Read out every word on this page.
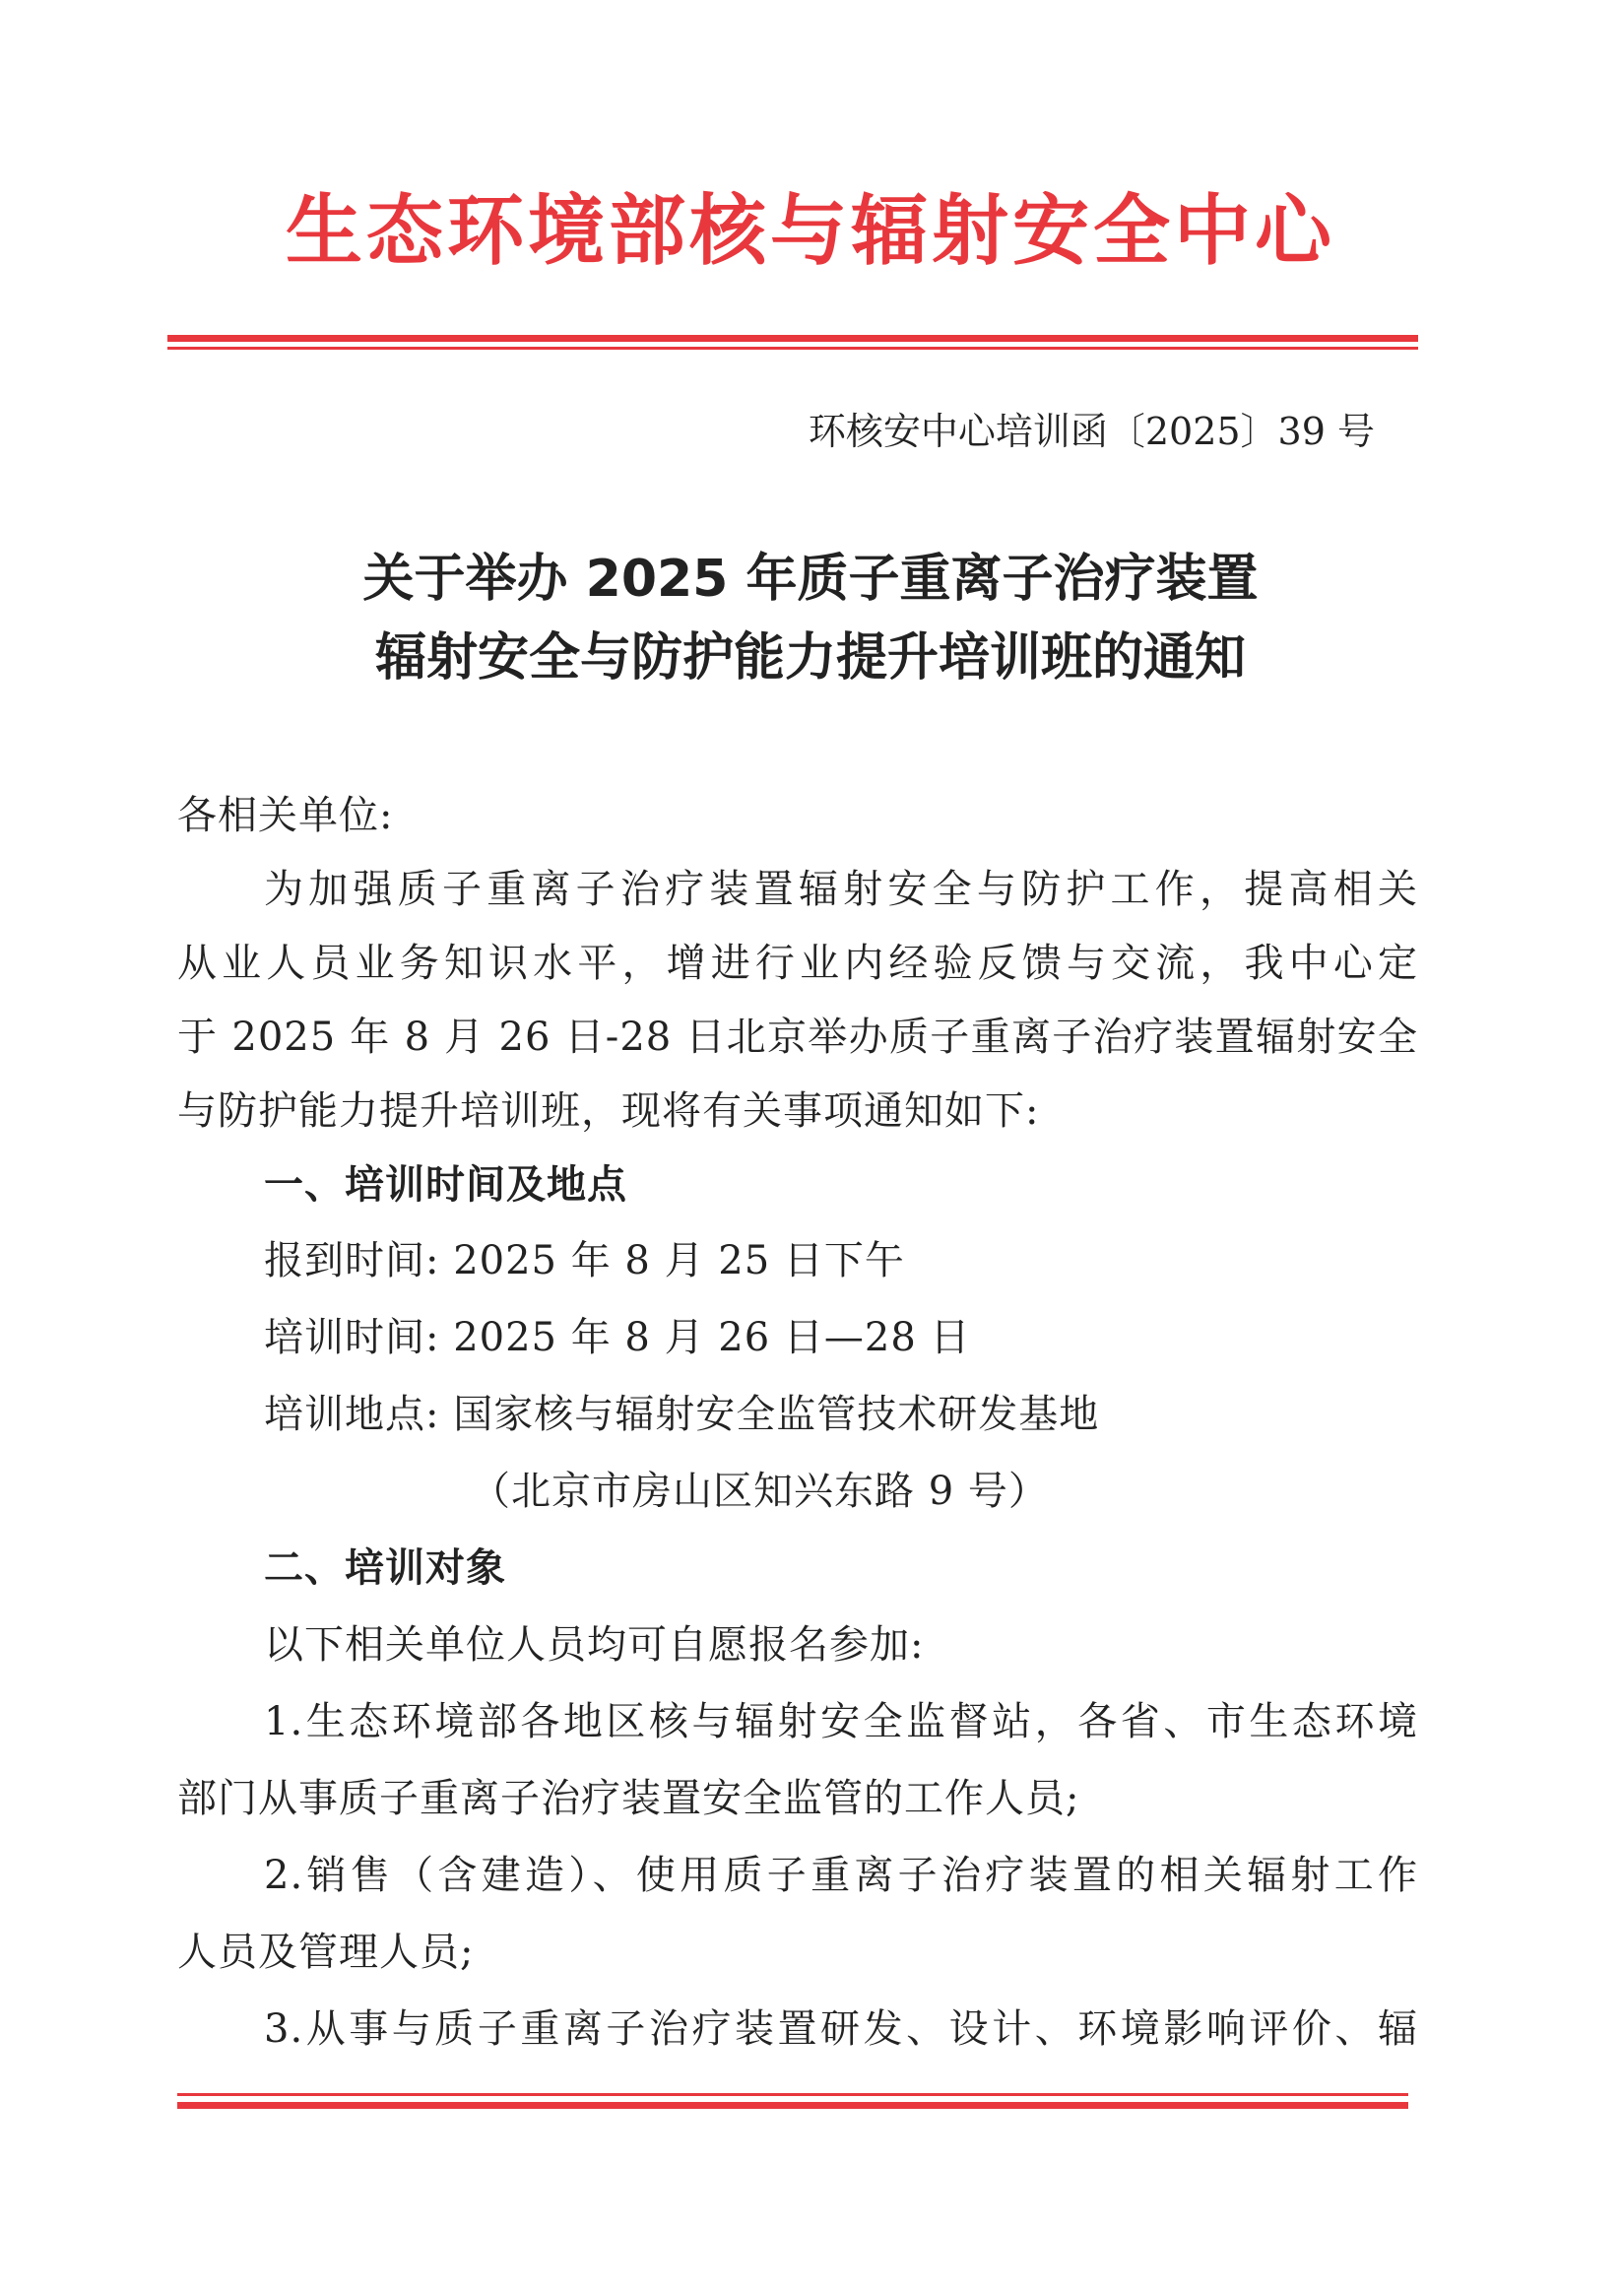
生态环境部核与辐射安全中心
环核安中心培训函〔2025〕39 号
关于举办 2025 年质子重离子治疗装置
辐射安全与防护能力提升培训班的通知
各相关单位:
为加强质子重离子治疗装置辐射安全与防护工作，提高相关
从业人员业务知识水平，增进行业内经验反馈与交流，我中心定
于 2025 年 8 月 26 日-28 日北京举办质子重离子治疗装置辐射安全
与防护能力提升培训班，现将有关事项通知如下:
一、培训时间及地点
报到时间: 2025 年 8 月 25 日下午
培训时间: 2025 年 8 月 26 日—28 日
培训地点: 国家核与辐射安全监管技术研发基地
（北京市房山区知兴东路 9 号）
二、培训对象
以下相关单位人员均可自愿报名参加:
1.生态环境部各地区核与辐射安全监督站，各省、市生态环境
部门从事质子重离子治疗装置安全监管的工作人员;
2.销售（含建造）、使用质子重离子治疗装置的相关辐射工作
人员及管理人员;
3.从事与质子重离子治疗装置研发、设计、环境影响评价、辐
